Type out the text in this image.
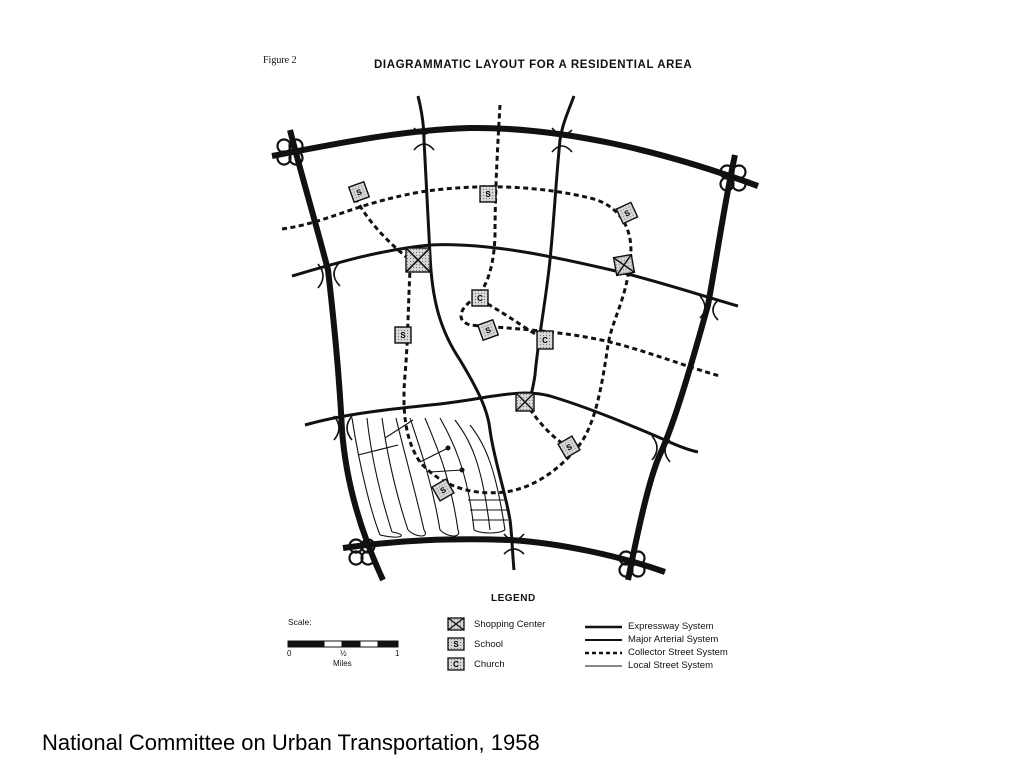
S	S
S
S	S
S
S
C
C
S
C
Figure 2	DIAGRAMMATIC LAYOUT FOR A RESIDENTIAL AREA
LEGEND
Scale:
0	½	1
Miles
Shopping Center
School
Church
Expressway System
Major Arterial System
Collector Street System
Local Street System
National Committee on Urban Transportation, 1958
